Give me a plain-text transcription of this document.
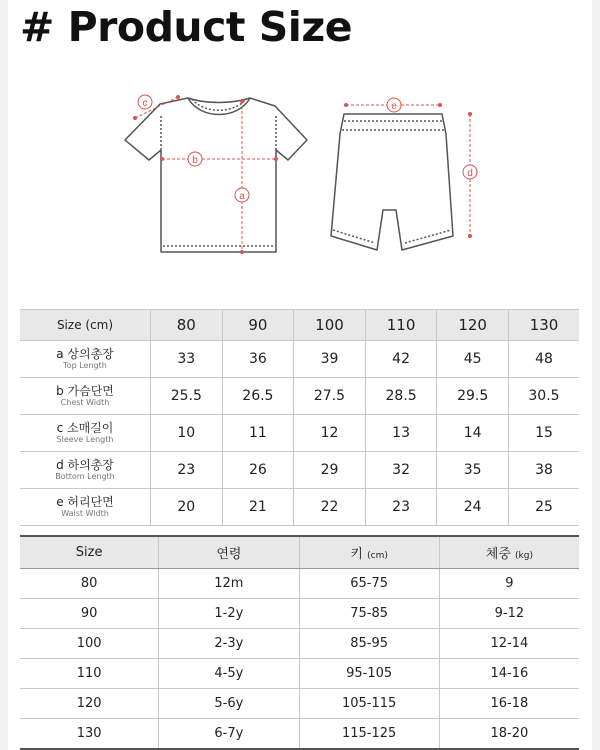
# Product Size
c
b
a
e
d
Size (cm)	80	90	100	110	120	130

a 상의총장
Top Length	33	36	39	42	45	48

b 가슴단면
Chest Width	25.5	26.5	27.5	28.5	29.5	30.5

c 소매길이
Sleeve Length	10	11	12	13	14	15

d 하의총장
Bottom Length	23	26	29	32	35	38

e 허리단면
Waist Width	20	21	22	23	24	25
Size	연령	키 (cm)	체중 (kg)
80	12m	65-75	9
90	1-2y	75-85	9-12
100	2-3y	85-95	12-14
110	4-5y	95-105	14-16
120	5-6y	105-115	16-18
130	6-7y	115-125	18-20
